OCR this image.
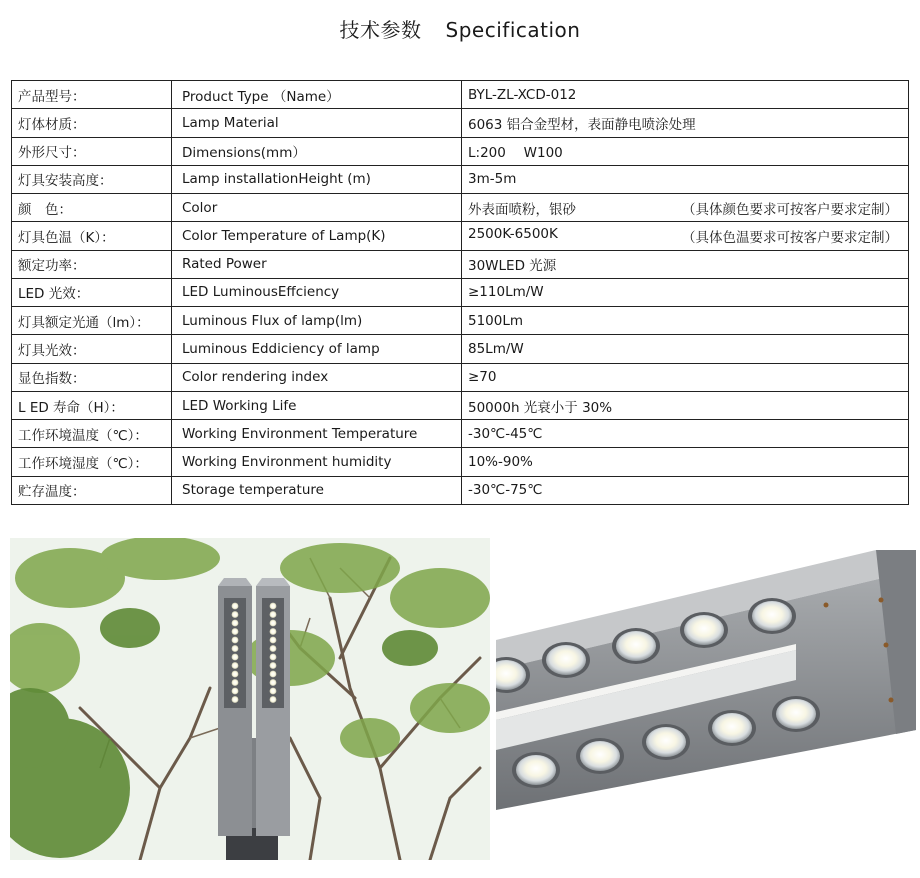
技术参数 Specification
产品型号：	Product Type （Name）	BYL-ZL-XCD-012
灯体材质：	Lamp Material	6063 铝合金型材，表面静电喷涂处理
外形尺寸：	Dimensions(mm）	L:200　 W100
灯具安装高度：	Lamp installationHeight (m)	3m-5m
颜　色：	Color	外表面喷粉，银砂 （具体颜色要求可按客户要求定制）

灯具色温（K）：	Color Temperature of Lamp(K)	2500K-6500K （具体色温要求可按客户要求定制）

额定功率：	Rated Power	30WLED 光源
LED 光效：	LED LuminousEffciency	≥110Lm/W
灯具额定光通（lm）：	Luminous Flux of lamp(lm)	5100Lm
灯具光效：	Luminous Eddiciency of lamp	85Lm/W
显色指数：	Color rendering index	≥70
L ED 寿命（H）：	LED Working Life	50000h 光衰小于 30%
工作环境温度（℃）：	Working Environment Temperature	-30℃-45℃
工作环境湿度（℃）：	Working Environment humidity	10%-90%
贮存温度：	Storage temperature	-30℃-75℃
